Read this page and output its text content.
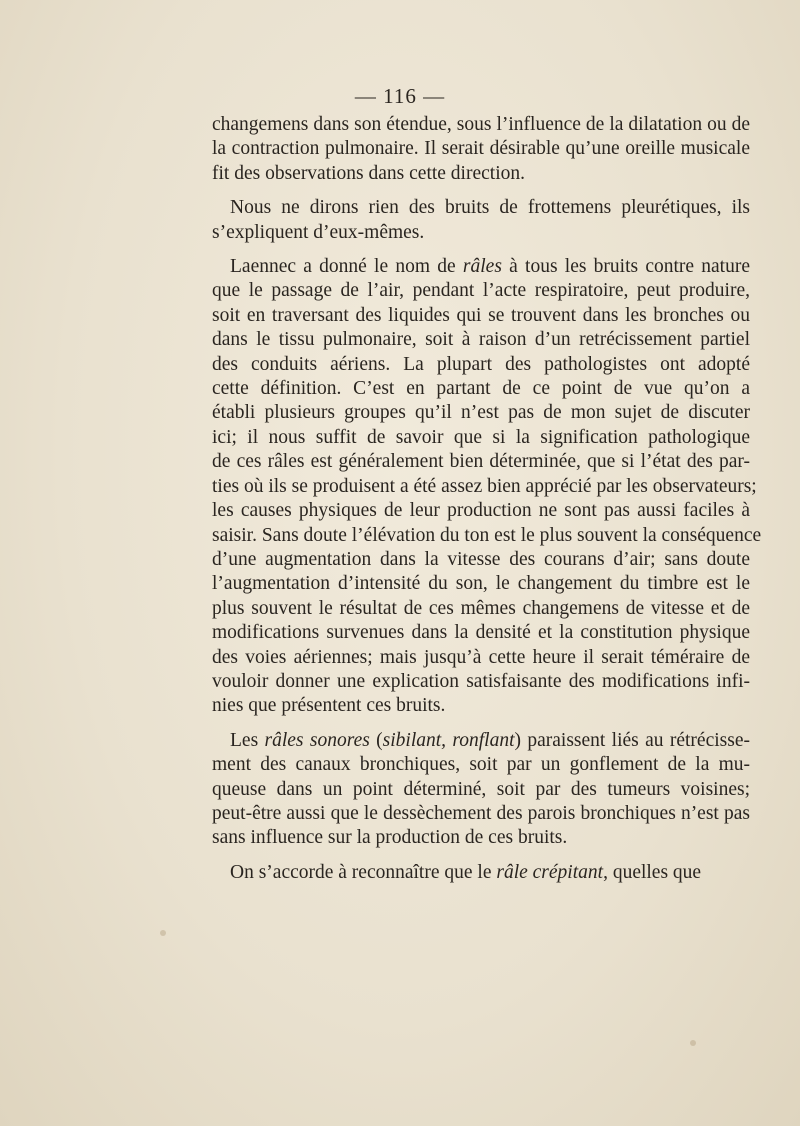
— 116 —
changemens dans son étendue, sous l’influence de la dilatation ou de
la contraction pulmonaire. Il serait désirable qu’une oreille musicale
fit des observations dans cette direction.
Nous ne dirons rien des bruits de frottemens pleurétiques, ils
s’expliquent d’eux-mêmes.
Laennec a donné le nom de râles à tous les bruits contre nature
que le passage de l’air, pendant l’acte respiratoire, peut produire,
soit en traversant des liquides qui se trouvent dans les bronches ou
dans le tissu pulmonaire, soit à raison d’un retrécissement partiel
des conduits aériens. La plupart des pathologistes ont adopté
cette définition. C’est en partant de ce point de vue qu’on a
établi plusieurs groupes qu’il n’est pas de mon sujet de discuter
ici; il nous suffit de savoir que si la signification pathologique
de ces râles est généralement bien déterminée, que si l’état des par-
ties où ils se produisent a été assez bien apprécié par les observateurs;
les causes physiques de leur production ne sont pas aussi faciles à
saisir. Sans doute l’élévation du ton est le plus souvent la conséquence
d’une augmentation dans la vitesse des courans d’air; sans doute
l’augmentation d’intensité du son, le changement du timbre est le
plus souvent le résultat de ces mêmes changemens de vitesse et de
modifications survenues dans la densité et la constitution physique
des voies aériennes; mais jusqu’à cette heure il serait téméraire de
vouloir donner une explication satisfaisante des modifications infi-
nies que présentent ces bruits.
Les râles sonores (sibilant, ronflant) paraissent liés au rétrécisse-
ment des canaux bronchiques, soit par un gonflement de la mu-
queuse dans un point déterminé, soit par des tumeurs voisines;
peut-être aussi que le dessèchement des parois bronchiques n’est pas
sans influence sur la production de ces bruits.
On s’accorde à reconnaître que le râle crépitant, quelles que
